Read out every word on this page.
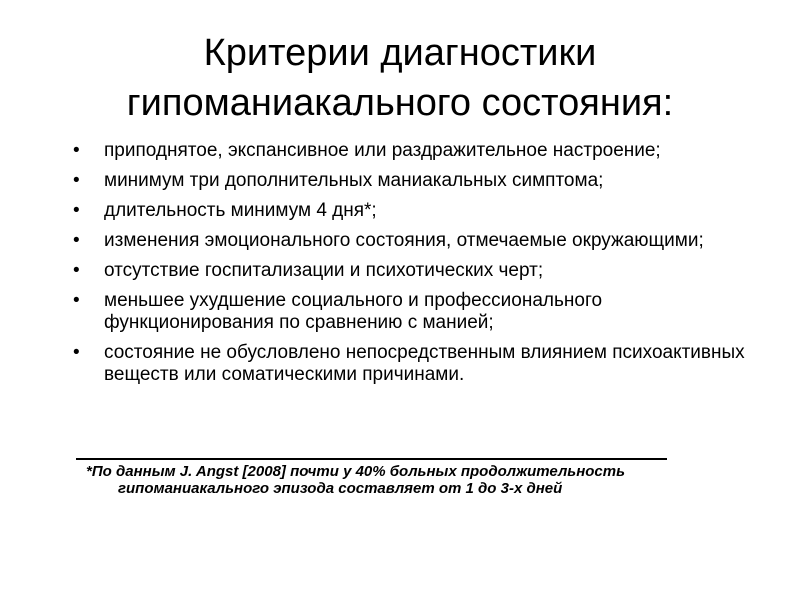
Критерии диагностики
гипоманиакального состояния:
• приподнятое, экспансивное или раздражительное настроение;
• минимум три дополнительных маниакальных симптома;
• длительность минимум 4 дня*;
• изменения эмоционального состояния, отмечаемые окружающими;
• отсутствие госпитализации и психотических черт;
• меньшее ухудшение социального и профессионального функционирования по сравнению с манией;
• состояние не обусловлено непосредственным влиянием психоактивных веществ или соматическими причинами.
*По данным J. Angst [2008] почти у 40% больных продолжительность
гипоманиакального эпизода составляет от 1 до 3-х дней
